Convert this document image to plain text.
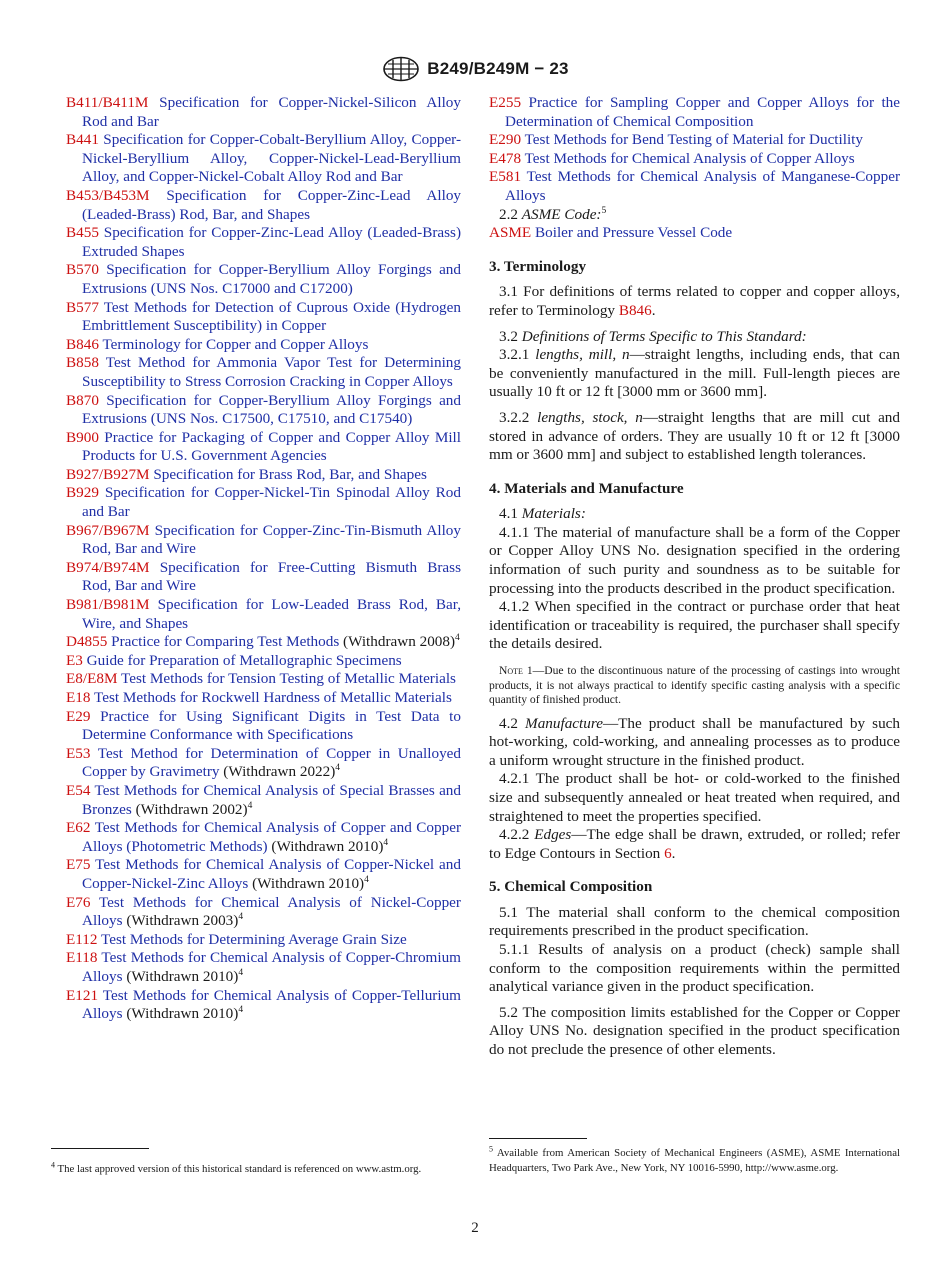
B249/B249M − 23
B411/B411M Specification for Copper-Nickel-Silicon Alloy Rod and Bar
B441 Specification for Copper-Cobalt-Beryllium Alloy, Copper-Nickel-Beryllium Alloy, Copper-Nickel-Lead-Beryllium Alloy, and Copper-Nickel-Cobalt Alloy Rod and Bar
B453/B453M Specification for Copper-Zinc-Lead Alloy (Leaded-Brass) Rod, Bar, and Shapes
B455 Specification for Copper-Zinc-Lead Alloy (Leaded-Brass) Extruded Shapes
B570 Specification for Copper-Beryllium Alloy Forgings and Extrusions (UNS Nos. C17000 and C17200)
B577 Test Methods for Detection of Cuprous Oxide (Hydrogen Embrittlement Susceptibility) in Copper
B846 Terminology for Copper and Copper Alloys
B858 Test Method for Ammonia Vapor Test for Determining Susceptibility to Stress Corrosion Cracking in Copper Alloys
B870 Specification for Copper-Beryllium Alloy Forgings and Extrusions (UNS Nos. C17500, C17510, and C17540)
B900 Practice for Packaging of Copper and Copper Alloy Mill Products for U.S. Government Agencies
B927/B927M Specification for Brass Rod, Bar, and Shapes
B929 Specification for Copper-Nickel-Tin Spinodal Alloy Rod and Bar
B967/B967M Specification for Copper-Zinc-Tin-Bismuth Alloy Rod, Bar and Wire
B974/B974M Specification for Free-Cutting Bismuth Brass Rod, Bar and Wire
B981/B981M Specification for Low-Leaded Brass Rod, Bar, Wire, and Shapes
D4855 Practice for Comparing Test Methods (Withdrawn 2008)$^4$
E3 Guide for Preparation of Metallographic Specimens
E8/E8M Test Methods for Tension Testing of Metallic Materials
E18 Test Methods for Rockwell Hardness of Metallic Materials
E29 Practice for Using Significant Digits in Test Data to Determine Conformance with Specifications
E53 Test Method for Determination of Copper in Unalloyed Copper by Gravimetry (Withdrawn 2022)$^4$
E54 Test Methods for Chemical Analysis of Special Brasses and Bronzes (Withdrawn 2002)$^4$
E62 Test Methods for Chemical Analysis of Copper and Copper Alloys (Photometric Methods) (Withdrawn 2010)$^4$
E75 Test Methods for Chemical Analysis of Copper-Nickel and Copper-Nickel-Zinc Alloys (Withdrawn 2010)$^4$
E76 Test Methods for Chemical Analysis of Nickel-Copper Alloys (Withdrawn 2003)$^4$
E112 Test Methods for Determining Average Grain Size
E118 Test Methods for Chemical Analysis of Copper-Chromium Alloys (Withdrawn 2010)$^4$
E121 Test Methods for Chemical Analysis of Copper-Tellurium Alloys (Withdrawn 2010)$^4$
E255 Practice for Sampling Copper and Copper Alloys for the Determination of Chemical Composition
E290 Test Methods for Bend Testing of Material for Ductility
E478 Test Methods for Chemical Analysis of Copper Alloys
E581 Test Methods for Chemical Analysis of Manganese-Copper Alloys
2.2 ASME Code:$^5$
ASME Boiler and Pressure Vessel Code
3. Terminology
3.1 For definitions of terms related to copper and copper alloys, refer to Terminology B846.
3.2 Definitions of Terms Specific to This Standard:
3.2.1 lengths, mill, n—straight lengths, including ends, that can be conveniently manufactured in the mill. Full-length pieces are usually 10 ft or 12 ft [3000 mm or 3600 mm].
3.2.2 lengths, stock, n—straight lengths that are mill cut and stored in advance of orders. They are usually 10 ft or 12 ft [3000 mm or 3600 mm] and subject to established length tolerances.
4. Materials and Manufacture
4.1 Materials:
4.1.1 The material of manufacture shall be a form of the Copper or Copper Alloy UNS No. designation specified in the ordering information of such purity and soundness as to be suitable for processing into the products described in the product specification.
4.1.2 When specified in the contract or purchase order that heat identification or traceability is required, the purchaser shall specify the details desired.
Note 1—Due to the discontinuous nature of the processing of castings into wrought products, it is not always practical to identify specific casting analysis with a specific quantity of finished product.
4.2 Manufacture—The product shall be manufactured by such hot-working, cold-working, and annealing processes as to produce a uniform wrought structure in the finished product.
4.2.1 The product shall be hot- or cold-worked to the finished size and subsequently annealed or heat treated when required, and straightened to meet the properties specified.
4.2.2 Edges—The edge shall be drawn, extruded, or rolled; refer to Edge Contours in Section 6.
5. Chemical Composition
5.1 The material shall conform to the chemical composition requirements prescribed in the product specification.
5.1.1 Results of analysis on a product (check) sample shall conform to the composition requirements within the permitted analytical variance given in the product specification.
5.2 The composition limits established for the Copper or Copper Alloy UNS No. designation specified in the product specification do not preclude the presence of other elements.
$^4$ The last approved version of this historical standard is referenced on www.astm.org.
$^5$ Available from American Society of Mechanical Engineers (ASME), ASME International Headquarters, Two Park Ave., New York, NY 10016-5990, http://www.asme.org.
2
